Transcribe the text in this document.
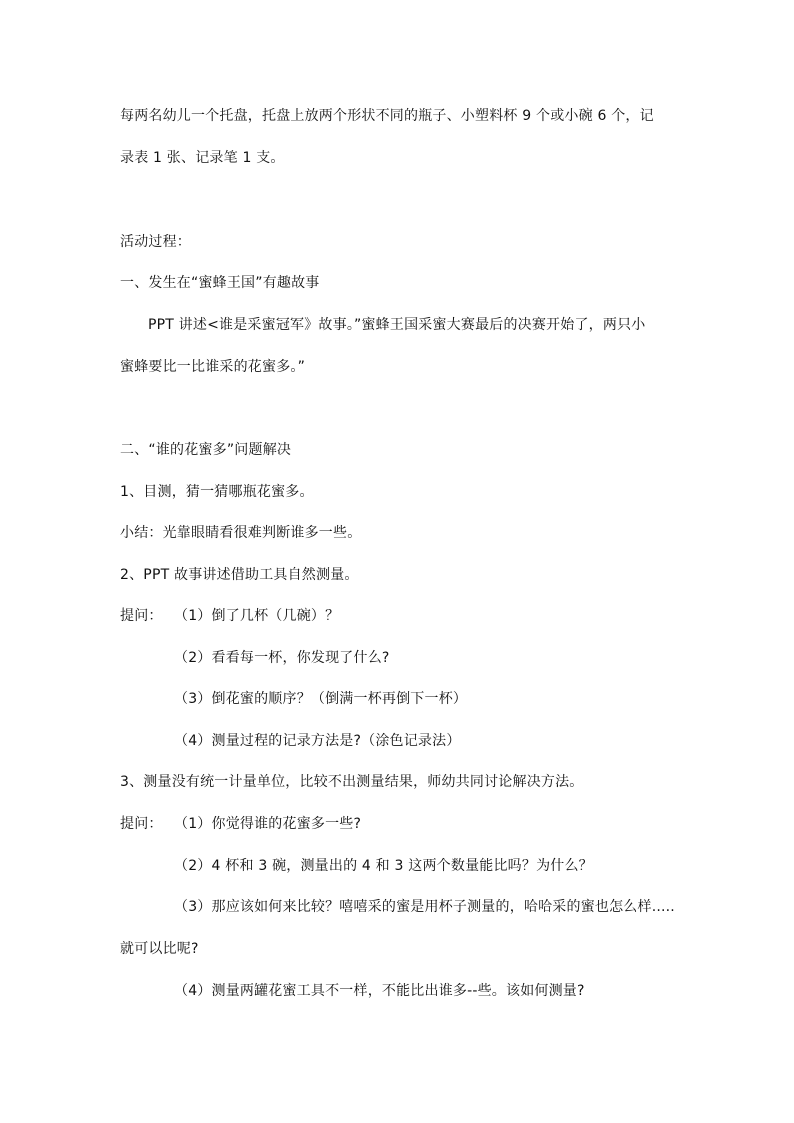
每两名幼儿一个托盘，托盘上放两个形状不同的瓶子、小塑料杯 9 个或小碗 6 个，记
录表 1 张、记录笔 1 支。
活动过程：
一、发生在“蜜蜂王国”有趣故事
PPT 讲述<谁是采蜜冠军》故事。”蜜蜂王国采蜜大赛最后的决赛开始了，两只小
蜜蜂要比一比谁采的花蜜多。”
二、“谁的花蜜多”问题解决
1、目测，猜一猜哪瓶花蜜多。
小结：光靠眼睛看很难判断谁多一些。
2、PPT 故事讲述借助工具自然测量。
提问： （1）倒了几杯（几碗）？
（2）看看每一杯，你发现了什么?
（3）倒花蜜的顺序？（倒满一杯再倒下一杯）
（4）测量过程的记录方法是?（涂色记录法）
3、测量没有统一计量单位，比较不出测量结果，师幼共同讨论解决方法。
提问： （1）你觉得谁的花蜜多一些?
（2）4 杯和 3 碗，测量出的 4 和 3 这两个数量能比吗？为什么？
（3）那应该如何来比较？嘻嘻采的蜜是用杯子测量的，哈哈采的蜜也怎么样.....
就可以比呢?
（4）测量两罐花蜜工具不一样，不能比出谁多--些。该如何测量?
